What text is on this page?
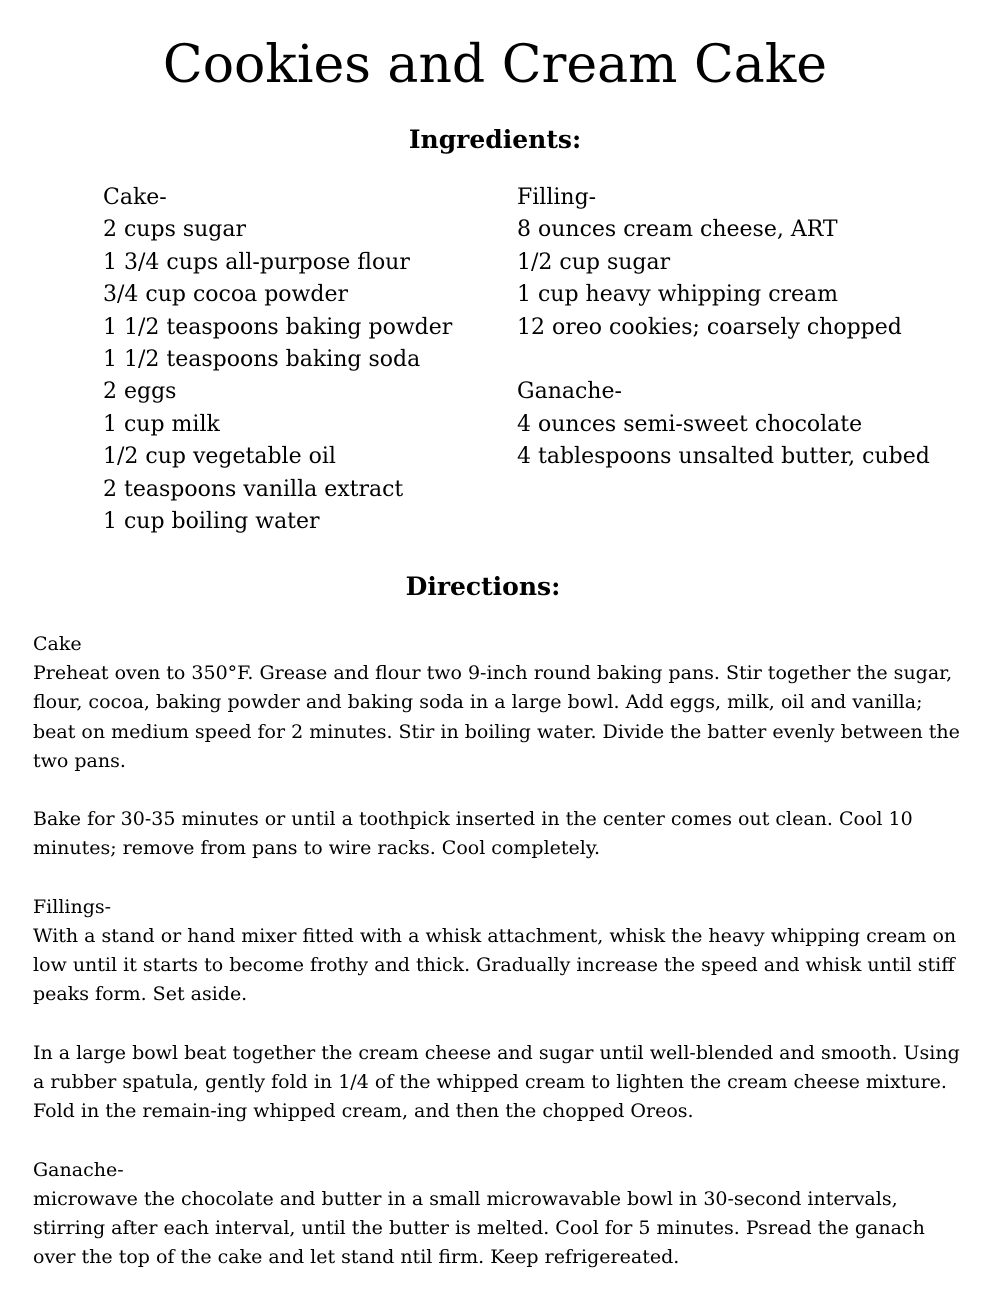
Cookies and Cream Cake
Ingredients:
Cake-
2 cups sugar
1 3/4 cups all-purpose flour
3/4 cup cocoa powder
1 1/2 teaspoons baking powder
1 1/2 teaspoons baking soda
2 eggs
1 cup milk
1/2 cup vegetable oil
2 teaspoons vanilla extract
1 cup boiling water
Filling-
8 ounces cream cheese, ART
1/2 cup sugar
1 cup heavy whipping cream
12 oreo cookies; coarsely chopped
Ganache-
4 ounces semi-sweet chocolate
4 tablespoons unsalted butter, cubed
Directions:

Cake

Preheat oven to 350°F. Grease and flour two 9-inch round baking pans. Stir together the sugar, flour, cocoa, baking powder and baking soda in a large bowl. Add eggs, milk, oil and vanilla; beat on medium speed for 2 minutes. Stir in boiling water. Divide the batter evenly between the two pans.

Bake for 30-35 minutes or until a toothpick inserted in the center comes out clean. Cool 10 minutes; remove from pans to wire racks. Cool completely.

Fillings-

With a stand or hand mixer fitted with a whisk attachment, whisk the heavy whipping cream on low until it starts to become frothy and thick. Gradually increase the speed and whisk until stiff peaks form. Set aside.

In a large bowl beat together the cream cheese and sugar until well-blended and smooth. Using a rubber spatula, gently fold in 1/4 of the whipped cream to lighten the cream cheese mixture. Fold in the remain-ing whipped cream, and then the chopped Oreos.

Ganache-

microwave the chocolate and butter in a small microwavable bowl in 30-second intervals, stirring after each interval, until the butter is melted. Cool for 5 minutes. Psread the ganach over the top of the cake and let stand ntil firm. Keep refrigereated.
